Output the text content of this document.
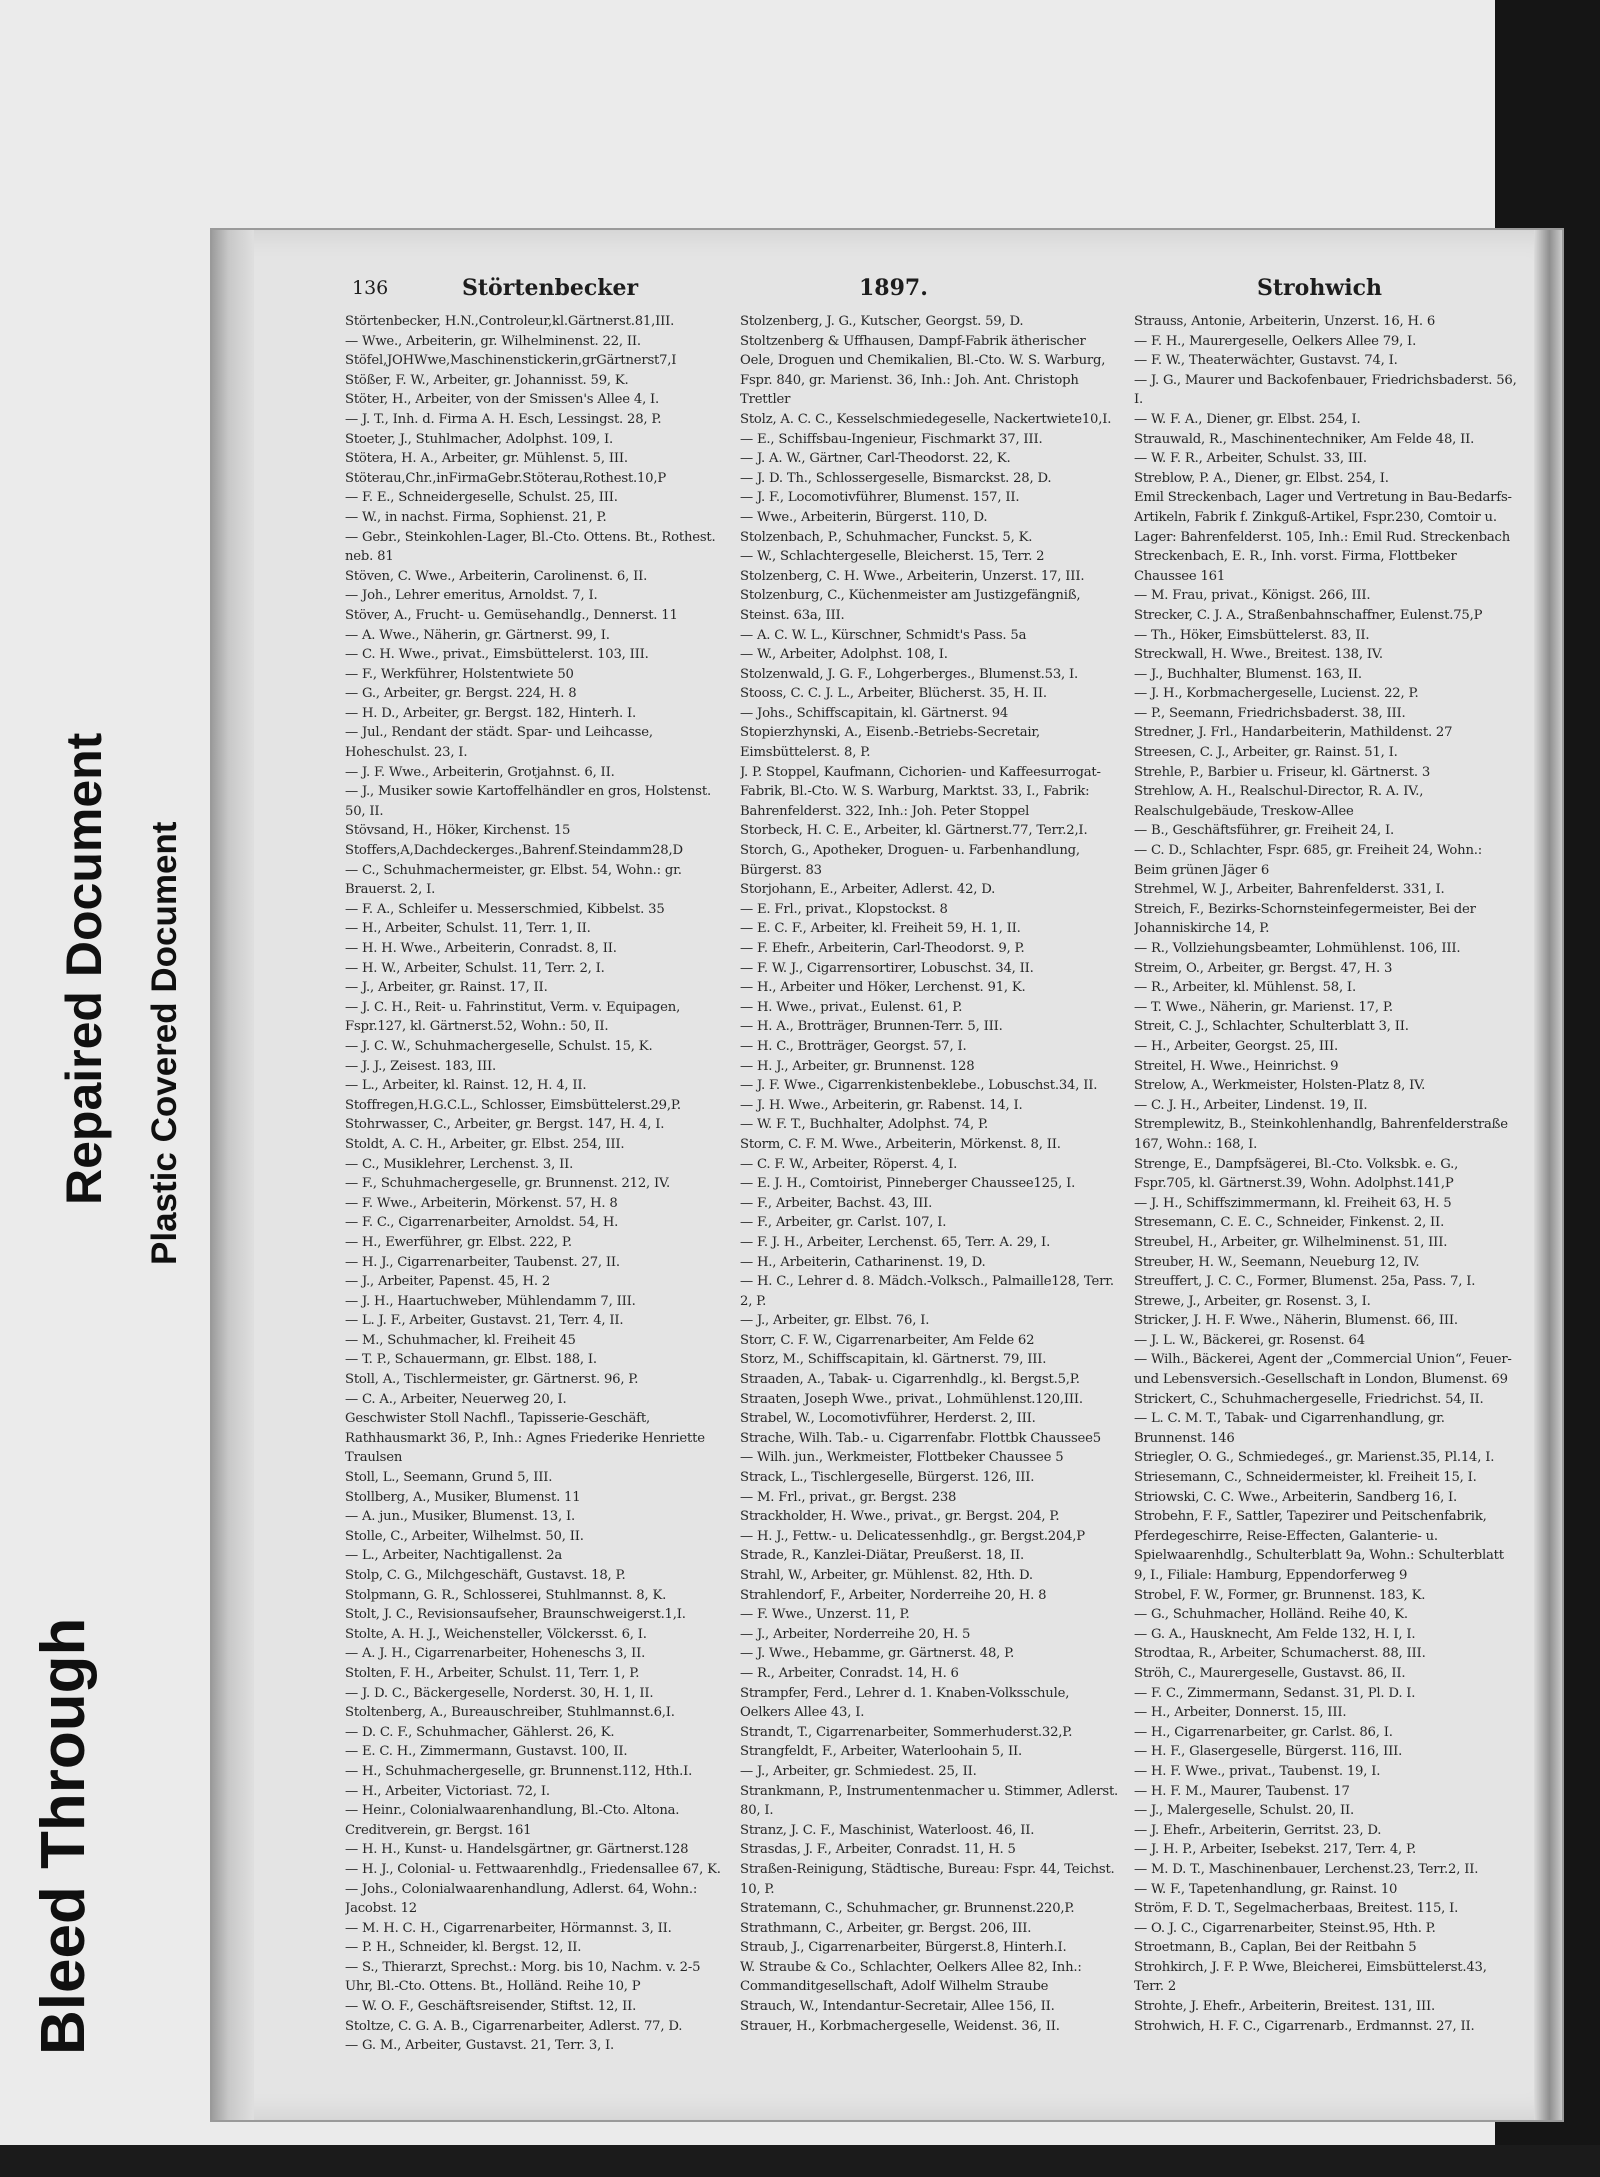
Bleed Through
Repaired Document Plastic Covered Document
136	Störtenbecker	1897.	Strohwich

Störtenbecker, H.N.,Controleur,kl.Gärtnerst.81,III.
— Wwe., Arbeiterin, gr. Wilhelminenst. 22, II.

Stöfel,JOHWwe,Maschinenstickerin,grGärtnerst7,I

Stößer, F. W., Arbeiter, gr. Johannisst. 59, K.

Stöter, H., Arbeiter, von der Smissen's Allee 4, I.
— J. T., Inh. d. Firma A. H. Esch, Lessingst. 28, P.

Stoeter, J., Stuhlmacher, Adolphst. 109, I.

Stötera, H. A., Arbeiter, gr. Mühlenst. 5, III.

Stöterau,Chr.,inFirmaGebr.Stöterau,Rothest.10,P
— F. E., Schneidergeselle, Schulst. 25, III.
— W., in nachst. Firma, Sophienst. 21, P.
— Gebr., Steinkohlen-Lager, Bl.-Cto. Ottens. Bt., Rothest. neb. 81

Stöven, C. Wwe., Arbeiterin, Carolinenst. 6, II.
— Joh., Lehrer emeritus, Arnoldst. 7, I.

Stöver, A., Frucht- u. Gemüsehandlg., Dennerst. 11
— A. Wwe., Näherin, gr. Gärtnerst. 99, I.
— C. H. Wwe., privat., Eimsbüttelerst. 103, III.
— F., Werkführer, Holstentwiete 50
— G., Arbeiter, gr. Bergst. 224, H. 8
— H. D., Arbeiter, gr. Bergst. 182, Hinterh. I.
— Jul., Rendant der städt. Spar- und Leihcasse, Hoheschulst. 23, I.
— J. F. Wwe., Arbeiterin, Grotjahnst. 6, II.
— J., Musiker sowie Kartoffelhändler en gros, Holstenst. 50, II.

Stövsand, H., Höker, Kirchenst. 15

Stoffers,A,Dachdeckerges.,Bahrenf.Steindamm28,D
— C., Schuhmachermeister, gr. Elbst. 54, Wohn.: gr. Brauerst. 2, I.
— F. A., Schleifer u. Messerschmied, Kibbelst. 35
— H., Arbeiter, Schulst. 11, Terr. 1, II.
— H. H. Wwe., Arbeiterin, Conradst. 8, II.
— H. W., Arbeiter, Schulst. 11, Terr. 2, I.
— J., Arbeiter, gr. Rainst. 17, II.
— J. C. H., Reit- u. Fahrinstitut, Verm. v. Equipagen, Fspr.127, kl. Gärtnerst.52, Wohn.: 50, II.
— J. C. W., Schuhmachergeselle, Schulst. 15, K.
— J. J., Zeisest. 183, III.
— L., Arbeiter, kl. Rainst. 12, H. 4, II.

Stoffregen,H.G.C.L., Schlosser, Eimsbüttelerst.29,P.

Stohrwasser, C., Arbeiter, gr. Bergst. 147, H. 4, I.

Stoldt, A. C. H., Arbeiter, gr. Elbst. 254, III.
— C., Musiklehrer, Lerchenst. 3, II.
— F., Schuhmachergeselle, gr. Brunnenst. 212, IV.
— F. Wwe., Arbeiterin, Mörkenst. 57, H. 8
— F. C., Cigarrenarbeiter, Arnoldst. 54, H.
— H., Ewerführer, gr. Elbst. 222, P.
— H. J., Cigarrenarbeiter, Taubenst. 27, II.
— J., Arbeiter, Papenst. 45, H. 2
— J. H., Haartuchweber, Mühlendamm 7, III.
— L. J. F., Arbeiter, Gustavst. 21, Terr. 4, II.
— M., Schuhmacher, kl. Freiheit 45
— T. P., Schauermann, gr. Elbst. 188, I.

Stoll, A., Tischlermeister, gr. Gärtnerst. 96, P.
— C. A., Arbeiter, Neuerweg 20, I.

Geschwister Stoll Nachfl., Tapisserie-Geschäft, Rathhausmarkt 36, P., Inh.: Agnes Friederike Henriette Traulsen

Stoll, L., Seemann, Grund 5, III.

Stollberg, A., Musiker, Blumenst. 11
— A. jun., Musiker, Blumenst. 13, I.

Stolle, C., Arbeiter, Wilhelmst. 50, II.
— L., Arbeiter, Nachtigallenst. 2a

Stolp, C. G., Milchgeschäft, Gustavst. 18, P.

Stolpmann, G. R., Schlosserei, Stuhlmannst. 8, K.

Stolt, J. C., Revisionsaufseher, Braunschweigerst.1,I.

Stolte, A. H. J., Weichensteller, Völckersst. 6, I.
— A. J. H., Cigarrenarbeiter, Hoheneschs 3, II.

Stolten, F. H., Arbeiter, Schulst. 11, Terr. 1, P.
— J. D. C., Bäckergeselle, Norderst. 30, H. 1, II.

Stoltenberg, A., Bureauschreiber, Stuhlmannst.6,I.
— D. C. F., Schuhmacher, Gählerst. 26, K.
— E. C. H., Zimmermann, Gustavst. 100, II.
— H., Schuhmachergeselle, gr. Brunnenst.112, Hth.I.
— H., Arbeiter, Victoriast. 72, I.
— Heinr., Colonialwaarenhandlung, Bl.-Cto. Altona. Creditverein, gr. Bergst. 161
— H. H., Kunst- u. Handelsgärtner, gr. Gärtnerst.128
— H. J., Colonial- u. Fettwaarenhdlg., Friedensallee 67, K.
— Johs., Colonialwaarenhandlung, Adlerst. 64, Wohn.: Jacobst. 12
— M. H. C. H., Cigarrenarbeiter, Hörmannst. 3, II.
— P. H., Schneider, kl. Bergst. 12, II.
— S., Thierarzt, Sprechst.: Morg. bis 10, Nachm. v. 2-5 Uhr, Bl.-Cto. Ottens. Bt., Holländ. Reihe 10, P
— W. O. F., Geschäftsreisender, Stiftst. 12, II.

Stoltze, C. G. A. B., Cigarrenarbeiter, Adlerst. 77, D.
— G. M., Arbeiter, Gustavst. 21, Terr. 3, I.

Stolzenberg, J. G., Kutscher, Georgst. 59, D.

Stoltzenberg & Uffhausen, Dampf-Fabrik ätherischer Oele, Droguen und Chemikalien, Bl.-Cto. W. S. Warburg, Fspr. 840, gr. Marienst. 36, Inh.: Joh. Ant. Christoph Trettler

Stolz, A. C. C., Kesselschmiedegeselle, Nackertwiete10,I.
— E., Schiffsbau-Ingenieur, Fischmarkt 37, III.
— J. A. W., Gärtner, Carl-Theodorst. 22, K.
— J. D. Th., Schlossergeselle, Bismarckst. 28, D.
— J. F., Locomotivführer, Blumenst. 157, II.
— Wwe., Arbeiterin, Bürgerst. 110, D.

Stolzenbach, P., Schuhmacher, Funckst. 5, K.
— W., Schlachtergeselle, Bleicherst. 15, Terr. 2

Stolzenberg, C. H. Wwe., Arbeiterin, Unzerst. 17, III.

Stolzenburg, C., Küchenmeister am Justizgefängniß, Steinst. 63a, III.
— A. C. W. L., Kürschner, Schmidt's Pass. 5a
— W., Arbeiter, Adolphst. 108, I.

Stolzenwald, J. G. F., Lohgerberges., Blumenst.53, I.

Stooss, C. C. J. L., Arbeiter, Blücherst. 35, H. II.
— Johs., Schiffscapitain, kl. Gärtnerst. 94

Stopierzhynski, A., Eisenb.-Betriebs-Secretair, Eimsbüttelerst. 8, P.

J. P. Stoppel, Kaufmann, Cichorien- und Kaffeesurrogat-Fabrik, Bl.-Cto. W. S. Warburg, Marktst. 33, I., Fabrik: Bahrenfelderst. 322, Inh.: Joh. Peter Stoppel

Storbeck, H. C. E., Arbeiter, kl. Gärtnerst.77, Terr.2,I.

Storch, G., Apotheker, Droguen- u. Farbenhandlung, Bürgerst. 83

Storjohann, E., Arbeiter, Adlerst. 42, D.
— E. Frl., privat., Klopstockst. 8
— E. C. F., Arbeiter, kl. Freiheit 59, H. 1, II.
— F. Ehefr., Arbeiterin, Carl-Theodorst. 9, P.
— F. W. J., Cigarrensortirer, Lobuschst. 34, II.
— H., Arbeiter und Höker, Lerchenst. 91, K.
— H. Wwe., privat., Eulenst. 61, P.
— H. A., Brotträger, Brunnen-Terr. 5, III.
— H. C., Brotträger, Georgst. 57, I.
— H. J., Arbeiter, gr. Brunnenst. 128
— J. F. Wwe., Cigarrenkistenbeklebe., Lobuschst.34, II.
— J. H. Wwe., Arbeiterin, gr. Rabenst. 14, I.
— W. F. T., Buchhalter, Adolphst. 74, P.

Storm, C. F. M. Wwe., Arbeiterin, Mörkenst. 8, II.
— C. F. W., Arbeiter, Röperst. 4, I.
— E. J. H., Comtoirist, Pinneberger Chaussee125, I.
— F., Arbeiter, Bachst. 43, III.
— F., Arbeiter, gr. Carlst. 107, I.
— F. J. H., Arbeiter, Lerchenst. 65, Terr. A. 29, I.
— H., Arbeiterin, Catharinenst. 19, D.
— H. C., Lehrer d. 8. Mädch.-Volksch., Palmaille128, Terr. 2, P.
— J., Arbeiter, gr. Elbst. 76, I.

Storr, C. F. W., Cigarrenarbeiter, Am Felde 62

Storz, M., Schiffscapitain, kl. Gärtnerst. 79, III.

Straaden, A., Tabak- u. Cigarrenhdlg., kl. Bergst.5,P.

Straaten, Joseph Wwe., privat., Lohmühlenst.120,III.

Strabel, W., Locomotivführer, Herderst. 2, III.

Strache, Wilh. Tab.- u. Cigarrenfabr. Flottbk Chaussee5
— Wilh. jun., Werkmeister, Flottbeker Chaussee 5

Strack, L., Tischlergeselle, Bürgerst. 126, III.
— M. Frl., privat., gr. Bergst. 238

Strackholder, H. Wwe., privat., gr. Bergst. 204, P.
— H. J., Fettw.- u. Delicatessenhdlg., gr. Bergst.204,P

Strade, R., Kanzlei-Diätar, Preußerst. 18, II.

Strahl, W., Arbeiter, gr. Mühlenst. 82, Hth. D.

Strahlendorf, F., Arbeiter, Norderreihe 20, H. 8
— F. Wwe., Unzerst. 11, P.
— J., Arbeiter, Norderreihe 20, H. 5
— J. Wwe., Hebamme, gr. Gärtnerst. 48, P.
— R., Arbeiter, Conradst. 14, H. 6

Strampfer, Ferd., Lehrer d. 1. Knaben-Volksschule, Oelkers Allee 43, I.

Strandt, T., Cigarrenarbeiter, Sommerhuderst.32,P.

Strangfeldt, F., Arbeiter, Waterloohain 5, II.
— J., Arbeiter, gr. Schmiedest. 25, II.

Strankmann, P., Instrumentenmacher u. Stimmer, Adlerst. 80, I.

Stranz, J. C. F., Maschinist, Waterloost. 46, II.

Strasdas, J. F., Arbeiter, Conradst. 11, H. 5

Straßen-Reinigung, Städtische, Bureau: Fspr. 44, Teichst. 10, P.

Stratemann, C., Schuhmacher, gr. Brunnenst.220,P.

Strathmann, C., Arbeiter, gr. Bergst. 206, III.

Straub, J., Cigarrenarbeiter, Bürgerst.8, Hinterh.I.

W. Straube & Co., Schlachter, Oelkers Allee 82, Inh.: Commanditgesellschaft, Adolf Wilhelm Straube

Strauch, W., Intendantur-Secretair, Allee 156, II.

Strauer, H., Korbmachergeselle, Weidenst. 36, II.

Strauss, Antonie, Arbeiterin, Unzerst. 16, H. 6
— F. H., Maurergeselle, Oelkers Allee 79, I.
— F. W., Theaterwächter, Gustavst. 74, I.
— J. G., Maurer und Backofenbauer, Friedrichsbaderst. 56, I.
— W. F. A., Diener, gr. Elbst. 254, I.

Strauwald, R., Maschinentechniker, Am Felde 48, II.
— W. F. R., Arbeiter, Schulst. 33, III.

Streblow, P. A., Diener, gr. Elbst. 254, I.

Emil Streckenbach, Lager und Vertretung in Bau-Bedarfs-Artikeln, Fabrik f. Zinkguß-Artikel, Fspr.230, Comtoir u. Lager: Bahrenfelderst. 105, Inh.: Emil Rud. Streckenbach

Streckenbach, E. R., Inh. vorst. Firma, Flottbeker Chaussee 161
— M. Frau, privat., Königst. 266, III.

Strecker, C. J. A., Straßenbahnschaffner, Eulenst.75,P
— Th., Höker, Eimsbüttelerst. 83, II.

Streckwall, H. Wwe., Breitest. 138, IV.
— J., Buchhalter, Blumenst. 163, II.
— J. H., Korbmachergeselle, Lucienst. 22, P.
— P., Seemann, Friedrichsbaderst. 38, III.

Stredner, J. Frl., Handarbeiterin, Mathildenst. 27

Streesen, C. J., Arbeiter, gr. Rainst. 51, I.

Strehle, P., Barbier u. Friseur, kl. Gärtnerst. 3

Strehlow, A. H., Realschul-Director, R. A. IV., Realschulgebäude, Treskow-Allee
— B., Geschäftsführer, gr. Freiheit 24, I.
— C. D., Schlachter, Fspr. 685, gr. Freiheit 24, Wohn.: Beim grünen Jäger 6

Strehmel, W. J., Arbeiter, Bahrenfelderst. 331, I.

Streich, F., Bezirks-Schornsteinfegermeister, Bei der Johanniskirche 14, P.
— R., Vollziehungsbeamter, Lohmühlenst. 106, III.

Streim, O., Arbeiter, gr. Bergst. 47, H. 3
— R., Arbeiter, kl. Mühlenst. 58, I.
— T. Wwe., Näherin, gr. Marienst. 17, P.

Streit, C. J., Schlachter, Schulterblatt 3, II.
— H., Arbeiter, Georgst. 25, III.

Streitel, H. Wwe., Heinrichst. 9

Strelow, A., Werkmeister, Holsten-Platz 8, IV.
— C. J. H., Arbeiter, Lindenst. 19, II.

Stremplewitz, B., Steinkohlenhandlg, Bahrenfelderstraße 167, Wohn.: 168, I.

Strenge, E., Dampfsägerei, Bl.-Cto. Volksbk. e. G., Fspr.705, kl. Gärtnerst.39, Wohn. Adolphst.141,P
— J. H., Schiffszimmermann, kl. Freiheit 63, H. 5

Stresemann, C. E. C., Schneider, Finkenst. 2, II.

Streubel, H., Arbeiter, gr. Wilhelminenst. 51, III.

Streuber, H. W., Seemann, Neueburg 12, IV.

Streuffert, J. C. C., Former, Blumenst. 25a, Pass. 7, I.

Strewe, J., Arbeiter, gr. Rosenst. 3, I.

Stricker, J. H. F. Wwe., Näherin, Blumenst. 66, III.
— J. L. W., Bäckerei, gr. Rosenst. 64
— Wilh., Bäckerei, Agent der „Commercial Union“, Feuer- und Lebensversich.-Gesellschaft in London, Blumenst. 69

Strickert, C., Schuhmachergeselle, Friedrichst. 54, II.
— L. C. M. T., Tabak- und Cigarrenhandlung, gr. Brunnenst. 146

Striegler, O. G., Schmiedegeś., gr. Marienst.35, Pl.14, I.

Striesemann, C., Schneidermeister, kl. Freiheit 15, I.

Striowski, C. C. Wwe., Arbeiterin, Sandberg 16, I.

Strobehn, F. F., Sattler, Tapezirer und Peitschenfabrik, Pferdegeschirre, Reise-Effecten, Galanterie- u. Spielwaarenhdlg., Schulterblatt 9a, Wohn.: Schulterblatt 9, I., Filiale: Hamburg, Eppendorferweg 9

Strobel, F. W., Former, gr. Brunnenst. 183, K.
— G., Schuhmacher, Holländ. Reihe 40, K.
— G. A., Hausknecht, Am Felde 132, H. I, I.

Strodtaa, R., Arbeiter, Schumacherst. 88, III.

Ströh, C., Maurergeselle, Gustavst. 86, II.
— F. C., Zimmermann, Sedanst. 31, Pl. D. I.
— H., Arbeiter, Donnerst. 15, III.
— H., Cigarrenarbeiter, gr. Carlst. 86, I.
— H. F., Glasergeselle, Bürgerst. 116, III.
— H. F. Wwe., privat., Taubenst. 19, I.
— H. F. M., Maurer, Taubenst. 17
— J., Malergeselle, Schulst. 20, II.
— J. Ehefr., Arbeiterin, Gerritst. 23, D.
— J. H. P., Arbeiter, Isebekst. 217, Terr. 4, P.
— M. D. T., Maschinenbauer, Lerchenst.23, Terr.2, II.
— W. F., Tapetenhandlung, gr. Rainst. 10

Ström, F. D. T., Segelmacherbaas, Breitest. 115, I.
— O. J. C., Cigarrenarbeiter, Steinst.95, Hth. P.

Stroetmann, B., Caplan, Bei der Reitbahn 5

Strohkirch, J. F. P. Wwe, Bleicherei, Eimsbüttelerst.43, Terr. 2

Strohte, J. Ehefr., Arbeiterin, Breitest. 131, III.

Strohwich, H. F. C., Cigarrenarb., Erdmannst. 27, II.
